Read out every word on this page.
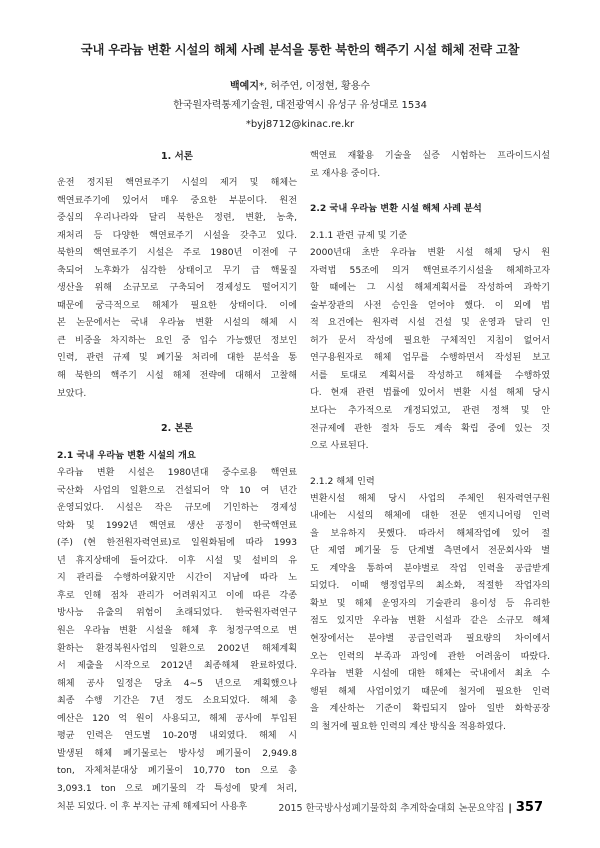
국내 우라늄 변환 시설의 해체 사례 분석을 통한 북한의 핵주기 시설 해체 전략 고찰
백예지*, 허주연, 이정현, 황용수
한국원자력통제기술원, 대전광역시 유성구 유성대로 1534
*byj8712@kinac.re.kr
1. 서론
운전 정지된 핵연료주기 시설의 제거 및 해체는
핵연료주기에 있어서 매우 중요한 부분이다. 원전
중심의 우리나라와 달리 북한은 정련, 변환, 농축,
재처리 등 다양한 핵연료주기 시설을 갖추고 있다.
북한의 핵연료주기 시설은 주로 1980년 이전에 구
축되어 노후화가 심각한 상태이고 무기 급 핵물질
생산을 위해 소규모로 구축되어 경제성도 떨어지기
때문에 궁극적으로 해체가 필요한 상태이다. 이에
본 논문에서는 국내 우라늄 변환 시설의 해체 시
큰 비중을 차지하는 요인 중 입수 가능했던 정보인
인력, 관련 규제 및 폐기물 처리에 대한 분석을 통
해 북한의 핵주기 시설 해체 전략에 대해서 고찰해
보았다.
2. 본론
2.1 국내 우라늄 변환 시설의 개요
우라늄 변환 시설은 1980년대 중수로용 핵연료
국산화 사업의 일환으로 건설되어 약 10 여 년간
운영되었다. 시설은 작은 규모에 기인하는 경제성
악화 및 1992년 핵연료 생산 공정이 한국핵연료
(주) (현 한전원자력연료)로 일원화됨에 따라 1993
년 휴지상태에 들어갔다. 이후 시설 및 설비의 유
지 관리를 수행하여왔지만 시간이 지남에 따라 노
후로 인해 점차 관리가 어려워지고 이에 따른 각종
방사능 유출의 위험이 초래되었다. 한국원자력연구
원은 우라늄 변환 시설을 해체 후 청정구역으로 변
환하는 환경복원사업의 일환으로 2002년 해체계획
서 제출을 시작으로 2012년 최종해체 완료하였다.
해체 공사 일정은 당초 4∼5 년으로 계획했으나
최종 수행 기간은 7년 정도 소요되었다. 해체 총
예산은 120 억 원이 사용되고, 해체 공사에 투입된
평균 인력은 연도별 10-20명 내외였다. 해체 시
발생된 해체 폐기물로는 방사성 폐기물이 2,949.8
ton, 자체처분대상 폐기물이 10,770 ton 으로 총
3,093.1 ton 으로 폐기물의 각 특성에 맞게 처리,
처분 되었다. 이 후 부지는 규제 해제되어 사용후
핵연료 재활용 기술을 실증 시험하는 프라이드시설
로 재사용 중이다.
2.2 국내 우라늄 변환 시설 해체 사례 분석
2.1.1 관련 규제 및 기준
2000년대 초반 우라늄 변환 시설 해체 당시 원
자력법 55조에 의거 핵연료주기시설을 해체하고자
할 때에는 그 시설 해체계획서를 작성하여 과학기
술부장관의 사전 승인을 얻어야 했다. 이 외에 법
적 요건에는 원자력 시설 건설 및 운영과 달리 인
허가 문서 작성에 필요한 구체적인 지침이 없어서
연구용원자로 해체 업무를 수행하면서 작성된 보고
서를 토대로 계획서를 작성하고 해체를 수행하였
다. 현재 관련 법률에 있어서 변환 시설 해체 당시
보다는 추가적으로 개정되었고, 관련 정책 및 안
전규제에 관한 절차 등도 계속 확립 중에 있는 것
으로 사료된다.
2.1.2 해체 인력
변환시설 해체 당시 사업의 주체인 원자력연구원
내에는 시설의 해체에 대한 전문 엔지니어링 인력
을 보유하지 못했다. 따라서 해체작업에 있어 절
단 제염 폐기물 등 단계별 측면에서 전문회사와 별
도 계약을 통하여 분야별로 작업 인력을 공급받게
되었다. 이때 행정업무의 최소화, 적절한 작업자의
확보 및 해체 운영자의 기술관리 용이성 등 유리한
점도 있지만 우라늄 변환 시설과 같은 소규모 해체
현장에서는 분야별 공급인력과 필요량의 차이에서
오는 인력의 부족과 과잉에 관한 어려움이 따랐다.
우라늄 변환 시설에 대한 해체는 국내에서 최초 수
행된 해체 사업이었기 때문에 철거에 필요한 인력
을 계산하는 기준이 확립되지 않아 일반 화학공장
의 철거에 필요한 인력의 계산 방식을 적용하였다.
2015 한국방사성폐기물학회 추계학술대회 논문요약집 | 357
